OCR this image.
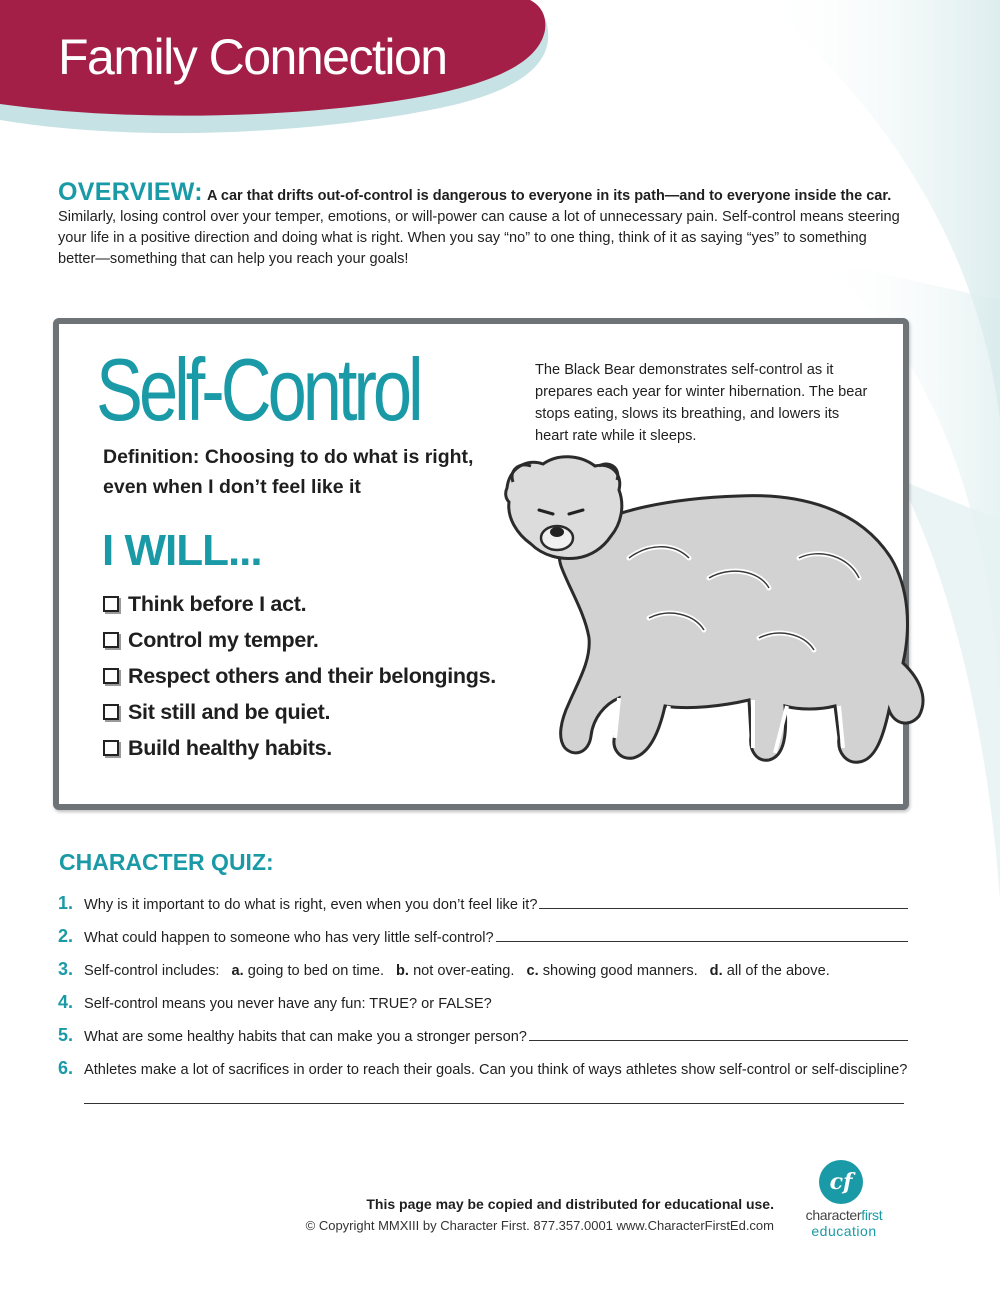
Family Connection
OVERVIEW: A car that drifts out-of-control is dangerous to everyone in its path—and to everyone inside the car.
Similarly, losing control over your temper, emotions, or will-power can cause a lot of unnecessary pain. Self-control means steering your life in a positive direction and doing what is right. When you say “no” to one thing, think of it as saying “yes” to something better—something that can help you reach your goals!
Self-Control
Definition: Choosing to do what is right, even when I don’t feel like it
I WILL...
Think before I act.
Control my temper.
Respect others and their belongings.
Sit still and be quiet.
Build healthy habits.
The Black Bear demonstrates self-control as it prepares each year for winter hibernation. The bear stops eating, slows its breathing, and lowers its heart rate while it sleeps.
CHARACTER QUIZ:
1. Why is it important to do what is right, even when you don’t feel like it?
2. What could happen to someone who has very little self-control?
3. Self-control includes: a. going to bed on time. b. not over-eating. c. showing good manners. d. all of the above.
4. Self-control means you never have any fun: TRUE? or FALSE?
5. What are some healthy habits that can make you a stronger person?
6. Athletes make a lot of sacrifices in order to reach their goals. Can you think of ways athletes show self-control or self-discipline?
This page may be copied and distributed for educational use.
© Copyright MMXIII by Character First. 877.357.0001 www.CharacterFirstEd.com
cf
characterfirst
education
